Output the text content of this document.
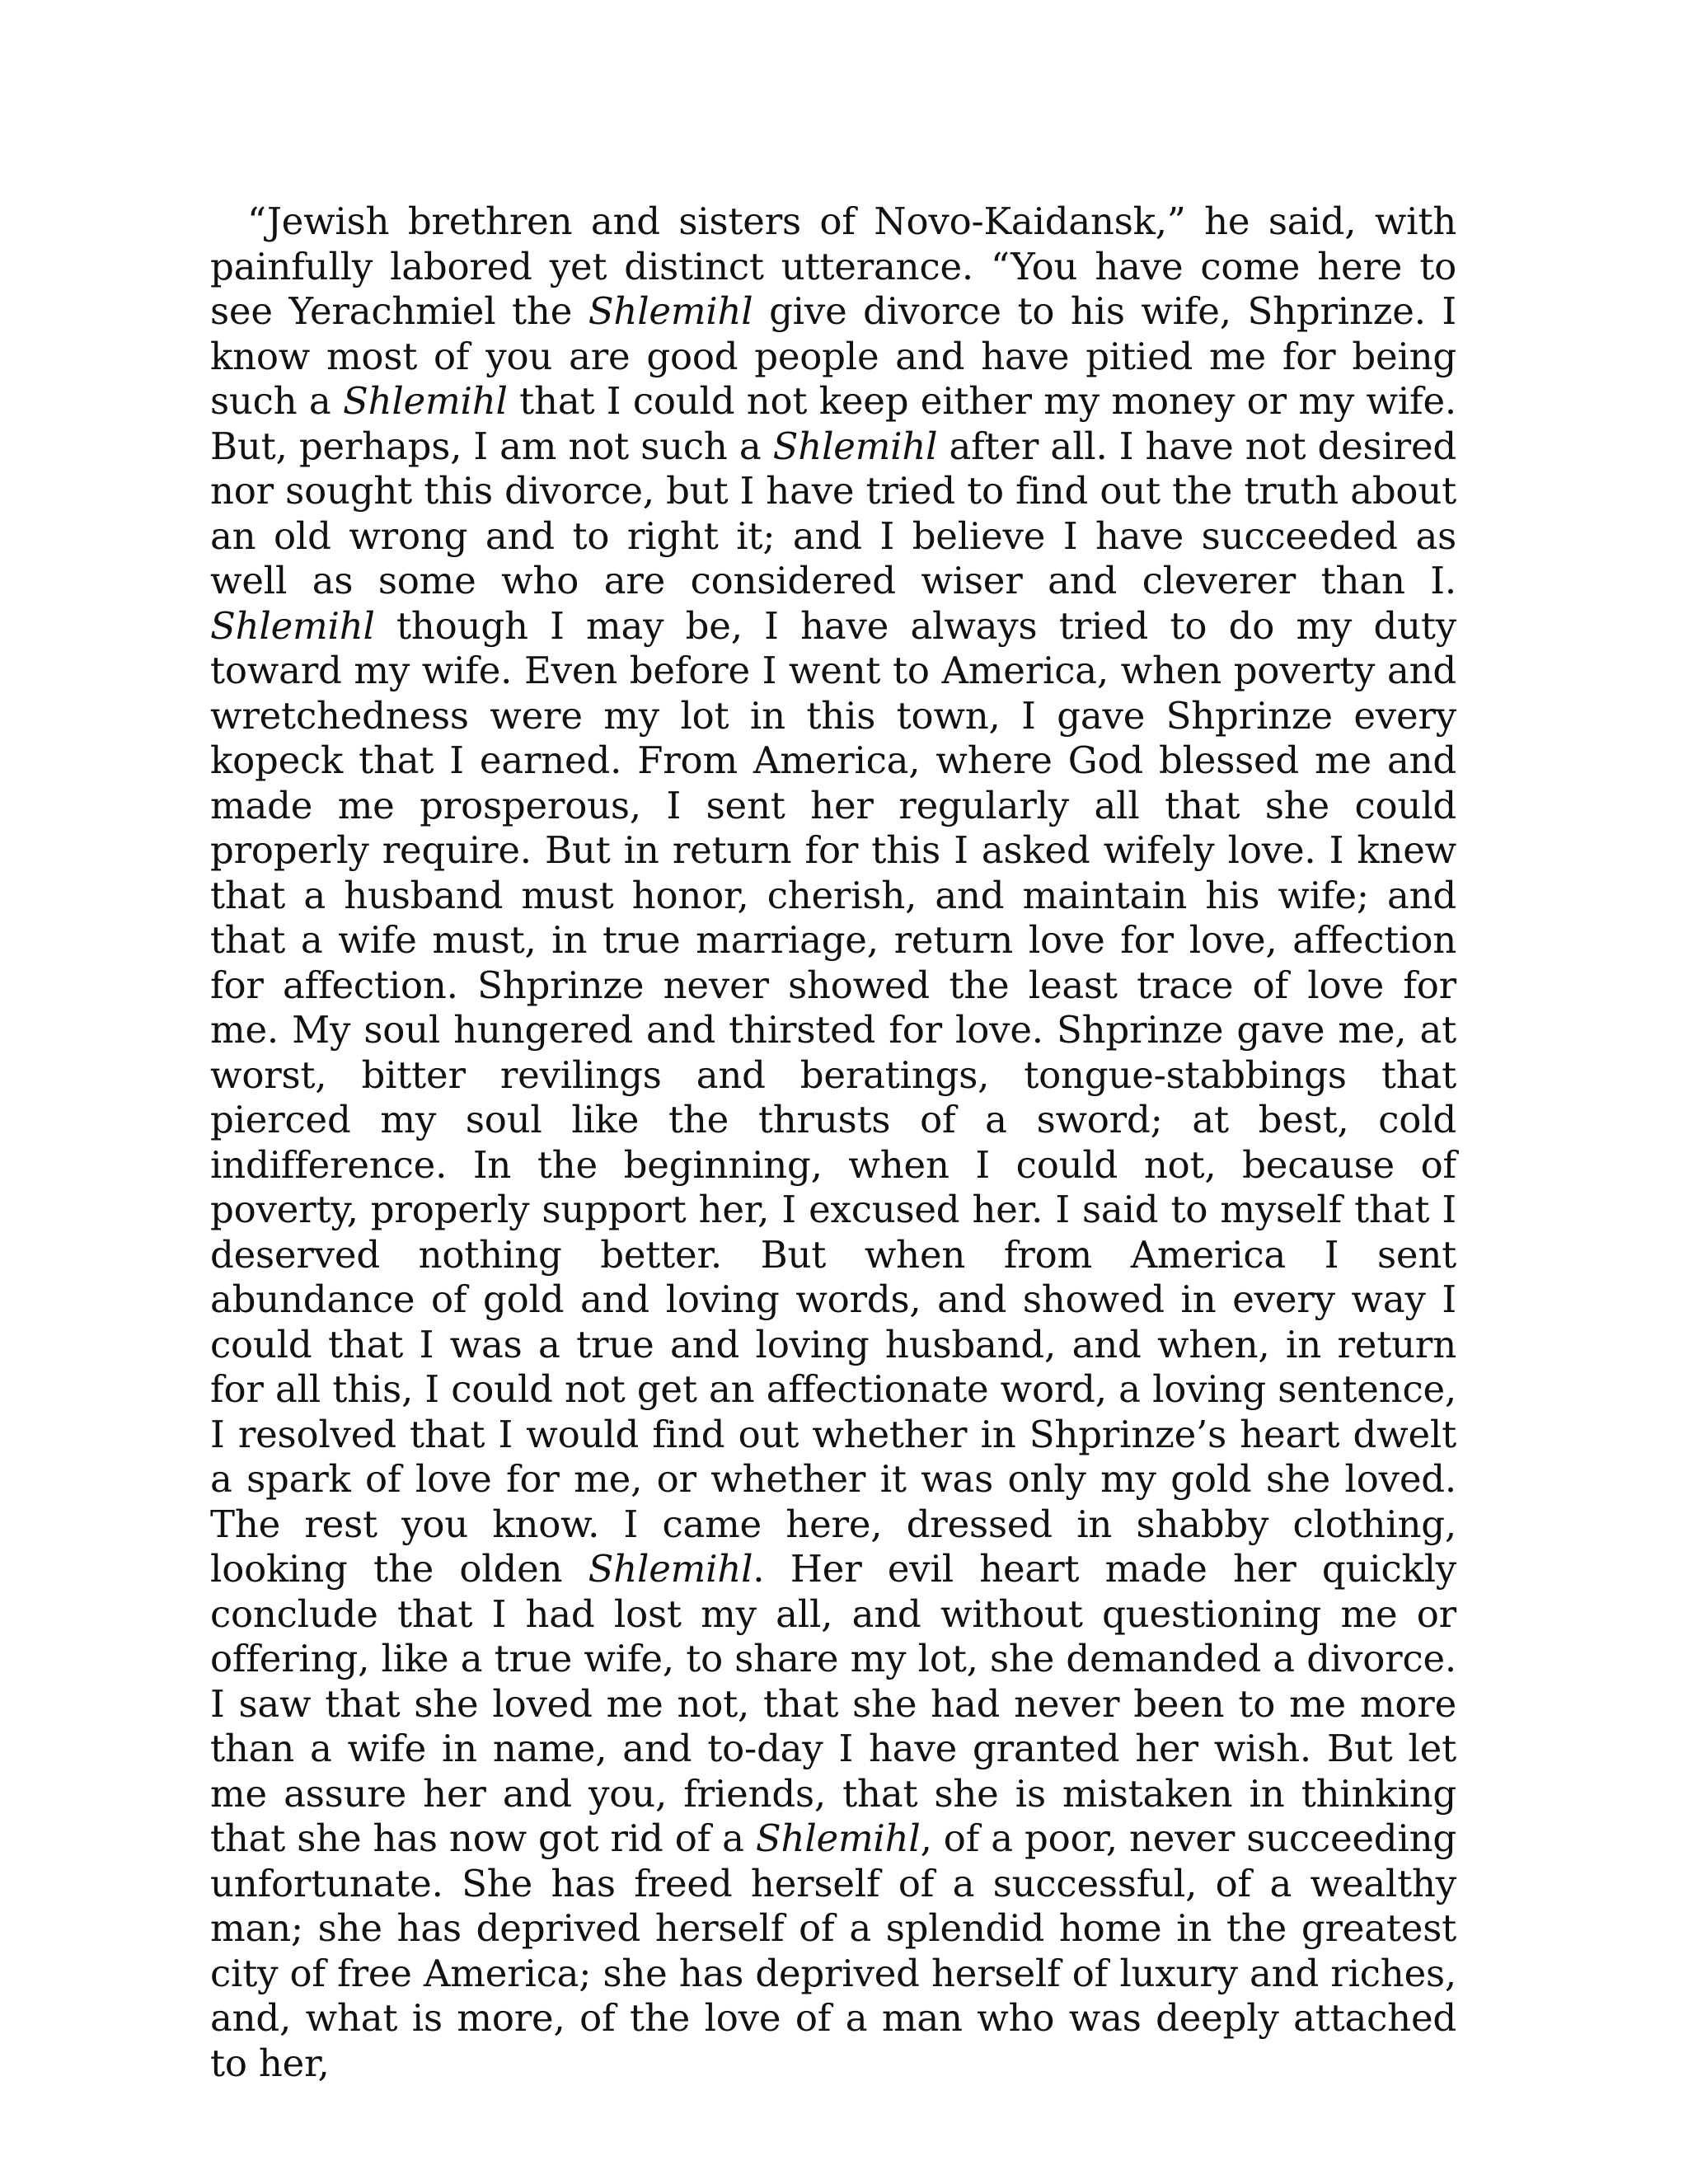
“Jewish brethren and sisters of Novo-Kaidansk,” he said, with painfully labored yet distinct utterance. “You have come here to see Yerachmiel the Shlemihl give divorce to his wife, Shprinze. I know most of you are good people and have pitied me for being such a Shlemihl that I could not keep either my money or my wife. But, perhaps, I am not such a Shlemihl after all. I have not desired nor sought this divorce, but I have tried to find out the truth about an old wrong and to right it; and I believe I have succeeded as well as some who are considered wiser and cleverer than I. Shlemihl though I may be, I have always tried to do my duty toward my wife. Even before I went to America, when poverty and wretchedness were my lot in this town, I gave Shprinze every kopeck that I earned. From America, where God blessed me and made me prosperous, I sent her regularly all that she could properly require. But in return for this I asked wifely love. I knew that a husband must honor, cherish, and maintain his wife; and that a wife must, in true marriage, return love for love, affection for affection. Shprinze never showed the least trace of love for me. My soul hungered and thirsted for love. Shprinze gave me, at worst, bitter revilings and beratings, tongue-stabbings that pierced my soul like the thrusts of a sword; at best, cold indifference. In the beginning, when I could not, because of poverty, properly support her, I excused her. I said to myself that I deserved nothing better. But when from America I sent abundance of gold and loving words, and showed in every way I could that I was a true and loving husband, and when, in return for all this, I could not get an affectionate word, a loving sentence, I resolved that I would find out whether in Shprinze’s heart dwelt a spark of love for me, or whether it was only my gold she loved. The rest you know. I came here, dressed in shabby clothing, looking the olden Shlemihl. Her evil heart made her quickly conclude that I had lost my all, and without questioning me or offering, like a true wife, to share my lot, she demanded a divorce. I saw that she loved me not, that she had never been to me more than a wife in name, and to-day I have granted her wish. But let me assure her and you, friends, that she is mistaken in thinking that she has now got rid of a Shlemihl, of a poor, never succeeding unfortunate. She has freed herself of a successful, of a wealthy man; she has deprived herself of a splendid home in the greatest city of free America; she has deprived herself of luxury and riches, and, what is more, of the love of a man who was deeply attached to her,
